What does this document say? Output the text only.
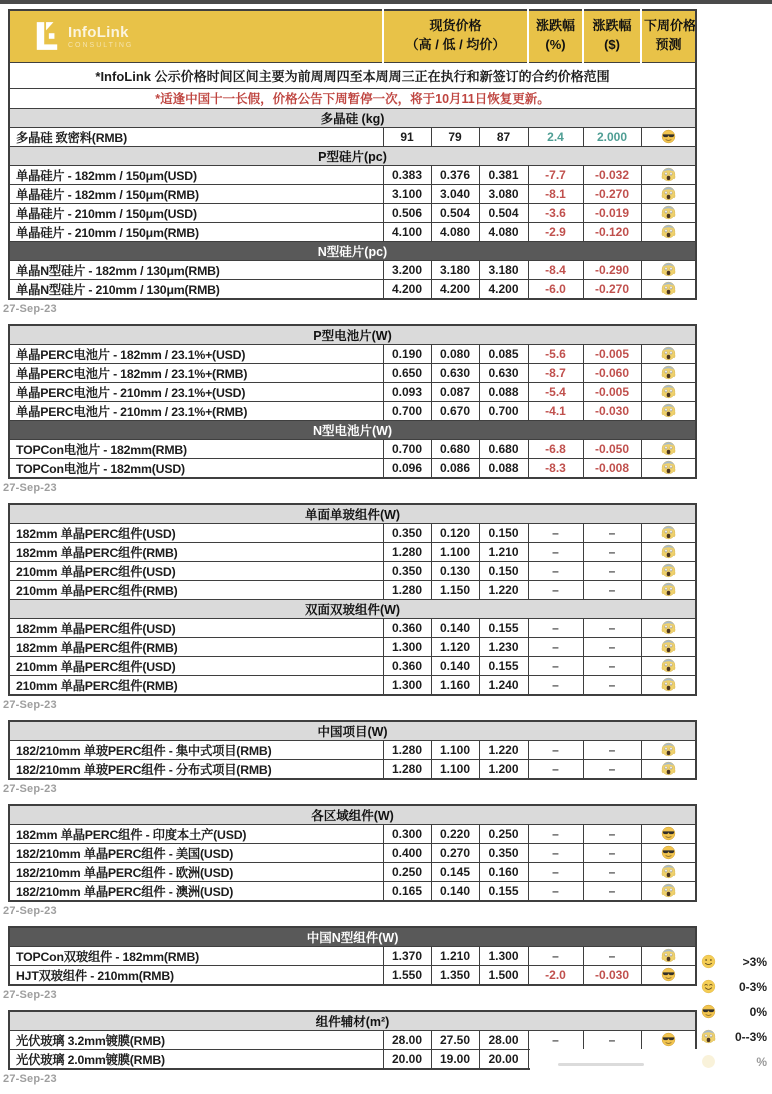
InfoLink
CONSULTING

现货价格
（高 / 低 / 均价）

涨跌幅
(%)

涨跌幅
($)

下周价格
预测

*InfoLink 公示价格时间区间主要为前周周四至本周周三正在执行和新签订的合约价格范围						
*适逢中国十一长假，价格公告下周暂停一次，将于10月11日恢复更新。						
多晶硅 (kg)						
多晶硅 致密料(RMB)	91	79	87	2.4	2.000	
P型硅片(pc)						
单晶硅片 - 182mm / 150μm(USD)	0.383	0.376	0.381	-7.7	-0.032	
单晶硅片 - 182mm / 150μm(RMB)	3.100	3.040	3.080	-8.1	-0.270	
单晶硅片 - 210mm / 150μm(USD)	0.506	0.504	0.504	-3.6	-0.019	
单晶硅片 - 210mm / 150μm(RMB)	4.100	4.080	4.080	-2.9	-0.120	
N型硅片(pc)						
单晶N型硅片 - 182mm / 130μm(RMB)	3.200	3.180	3.180	-8.4	-0.290	
单晶N型硅片 - 210mm / 130μm(RMB)	4.200	4.200	4.200	-6.0	-0.270	
27-Sep-23
P型电池片(W)						
单晶PERC电池片 - 182mm / 23.1%+(USD)	0.190	0.080	0.085	-5.6	-0.005	
单晶PERC电池片 - 182mm / 23.1%+(RMB)	0.650	0.630	0.630	-8.7	-0.060	
单晶PERC电池片 - 210mm / 23.1%+(USD)	0.093	0.087	0.088	-5.4	-0.005	
单晶PERC电池片 - 210mm / 23.1%+(RMB)	0.700	0.670	0.700	-4.1	-0.030	
N型电池片(W)						
TOPCon电池片 - 182mm(RMB)	0.700	0.680	0.680	-6.8	-0.050	
TOPCon电池片 - 182mm(USD)	0.096	0.086	0.088	-8.3	-0.008	
27-Sep-23
单面单玻组件(W)						
182mm 单晶PERC组件(USD)	0.350	0.120	0.150	–	–	
182mm 单晶PERC组件(RMB)	1.280	1.100	1.210	–	–	
210mm 单晶PERC组件(USD)	0.350	0.130	0.150	–	–	
210mm 单晶PERC组件(RMB)	1.280	1.150	1.220	–	–	
双面双玻组件(W)						
182mm 单晶PERC组件(USD)	0.360	0.140	0.155	–	–	
182mm 单晶PERC组件(RMB)	1.300	1.120	1.230	–	–	
210mm 单晶PERC组件(USD)	0.360	0.140	0.155	–	–	
210mm 单晶PERC组件(RMB)	1.300	1.160	1.240	–	–	
27-Sep-23
中国项目(W)						
182/210mm 单玻PERC组件 - 集中式项目(RMB)	1.280	1.100	1.220	–	–	
182/210mm 单玻PERC组件 - 分布式项目(RMB)	1.280	1.100	1.200	–	–	
27-Sep-23
各区域组件(W)						
182mm 单晶PERC组件 - 印度本土产(USD)	0.300	0.220	0.250	–	–	
182/210mm 单晶PERC组件 - 美国(USD)	0.400	0.270	0.350	–	–	
182/210mm 单晶PERC组件 - 欧洲(USD)	0.250	0.145	0.160	–	–	
182/210mm 单晶PERC组件 - 澳洲(USD)	0.165	0.140	0.155	–	–	
27-Sep-23
中国N型组件(W)						
TOPCon双玻组件 - 182mm(RMB)	1.370	1.210	1.300	–	–	
HJT双玻组件 - 210mm(RMB)	1.550	1.350	1.500	-2.0	-0.030	
27-Sep-23
组件辅材(m²)						
光伏玻璃 3.2mm镀膜(RMB)	28.00	27.50	28.00	–	–	
光伏玻璃 2.0mm镀膜(RMB)	20.00	19.00	20.00			
27-Sep-23
>3%
0-3%
0%
0--3%
%
